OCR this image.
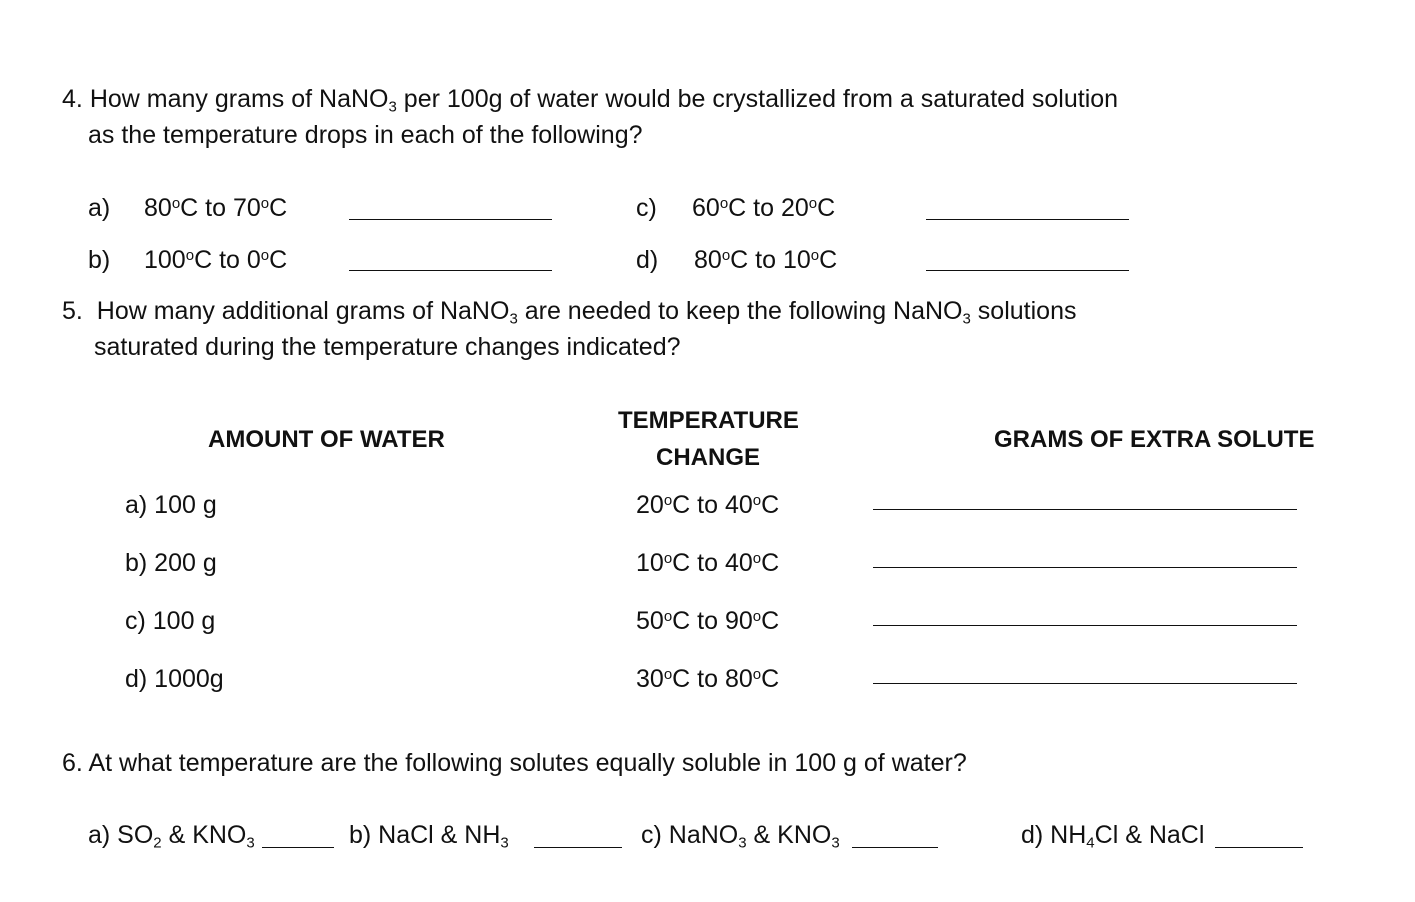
4. How many grams of NaNO$_3$ per 100g of water would be crystallized from a saturated solution
as the temperature drops in each of the following?
a) 80$^o$C to 70$^o$C
b) 100$^o$C to 0$^o$C
c) 60$^o$C to 20$^o$C
d) 80$^o$C to 10$^o$C
5. How many additional grams of NaNO$_3$ are needed to keep the following NaNO$_3$ solutions
saturated during the temperature changes indicated?
AMOUNT OF WATER
TEMPERATURE
CHANGE
GRAMS OF EXTRA SOLUTE
a) 100 g	20$^o$C to 40$^o$C
b) 200 g	10$^o$C to 40$^o$C
c) 100 g	50$^o$C to 90$^o$C
d) 1000g	30$^o$C to 80$^o$C
6. At what temperature are the following solutes equally soluble in 100 g of water?
a) $SO_2$ & $KNO_3$	b) NaCl & $NH_3$	c) NaNO$_3$ & $KNO_3$	d) $NH_4Cl$ & NaCl
